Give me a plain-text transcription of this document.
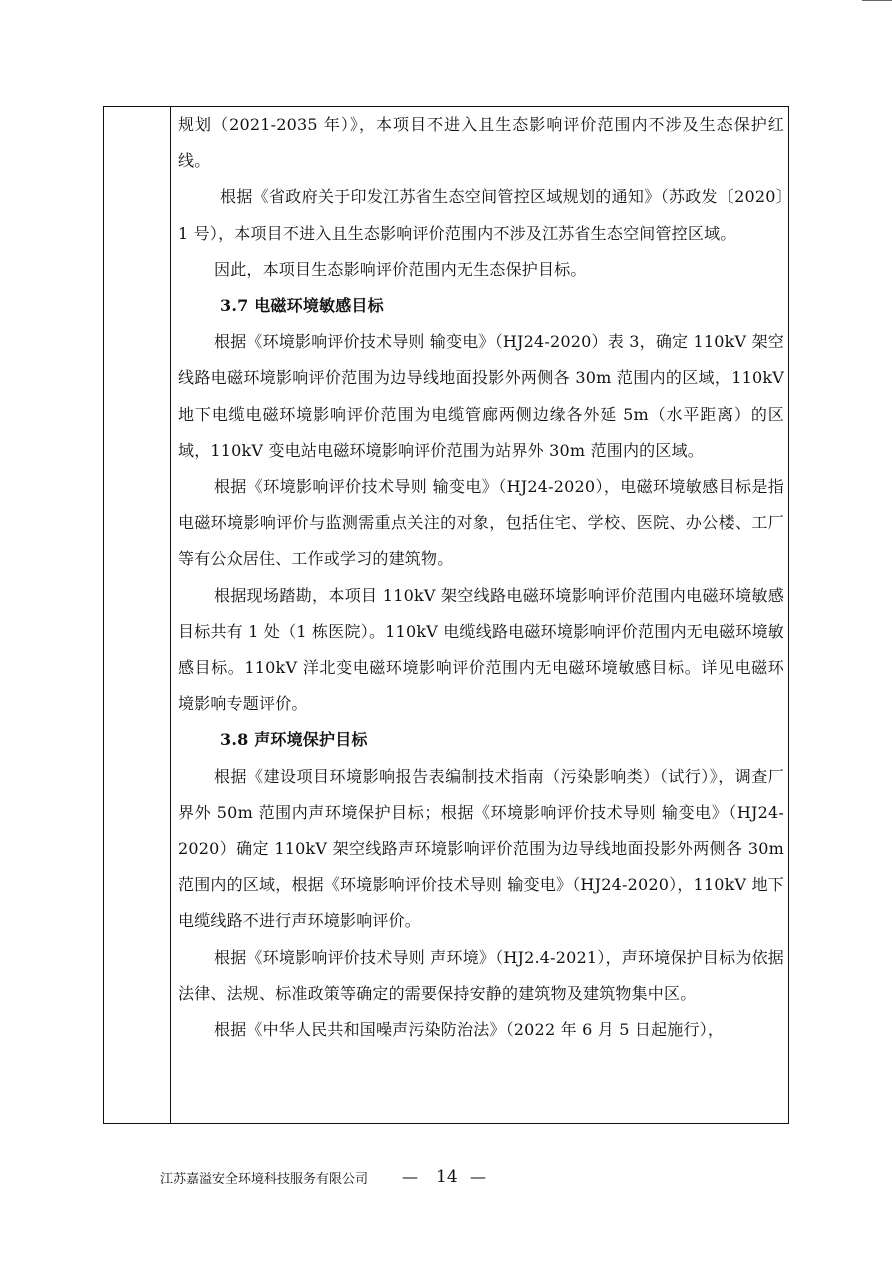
规划（2021-2035 年）》，本项目不进入且生态影响评价范围内不涉及生态保护红线。

根据《省政府关于印发江苏省生态空间管控区域规划的通知》（苏政发〔2020〕1 号），本项目不进入且生态影响评价范围内不涉及江苏省生态空间管控区域。

因此，本项目生态影响评价范围内无生态保护目标。

3.7 电磁环境敏感目标

根据《环境影响评价技术导则 输变电》（HJ24-2020）表 3，确定 110kV 架空线路电磁环境影响评价范围为边导线地面投影外两侧各 30m 范围内的区域，110kV 地下电缆电磁环境影响评价范围为电缆管廊两侧边缘各外延 5m（水平距离）的区域，110kV 变电站电磁环境影响评价范围为站界外 30m 范围内的区域。

根据《环境影响评价技术导则 输变电》（HJ24-2020），电磁环境敏感目标是指电磁环境影响评价与监测需重点关注的对象，包括住宅、学校、医院、办公楼、工厂等有公众居住、工作或学习的建筑物。

根据现场踏勘，本项目 110kV 架空线路电磁环境影响评价范围内电磁环境敏感目标共有 1 处（1 栋医院）。110kV 电缆线路电磁环境影响评价范围内无电磁环境敏感目标。110kV 洋北变电磁环境影响评价范围内无电磁环境敏感目标。详见电磁环境影响专题评价。

3.8 声环境保护目标

根据《建设项目环境影响报告表编制技术指南（污染影响类）（试行）》，调查厂界外 50m 范围内声环境保护目标；根据《环境影响评价技术导则 输变电》（HJ24-2020）确定 110kV 架空线路声环境影响评价范围为边导线地面投影外两侧各 30m 范围内的区域，根据《环境影响评价技术导则 输变电》（HJ24-2020），110kV 地下电缆线路不进行声环境影响评价。

根据《环境影响评价技术导则 声环境》（HJ2.4-2021），声环境保护目标为依据法律、法规、标准政策等确定的需要保持安静的建筑物及建筑物集中区。

根据《中华人民共和国噪声污染防治法》（2022 年 6 月 5 日起施行），

江苏嘉溢安全环境科技服务有限公司 — 14 —
